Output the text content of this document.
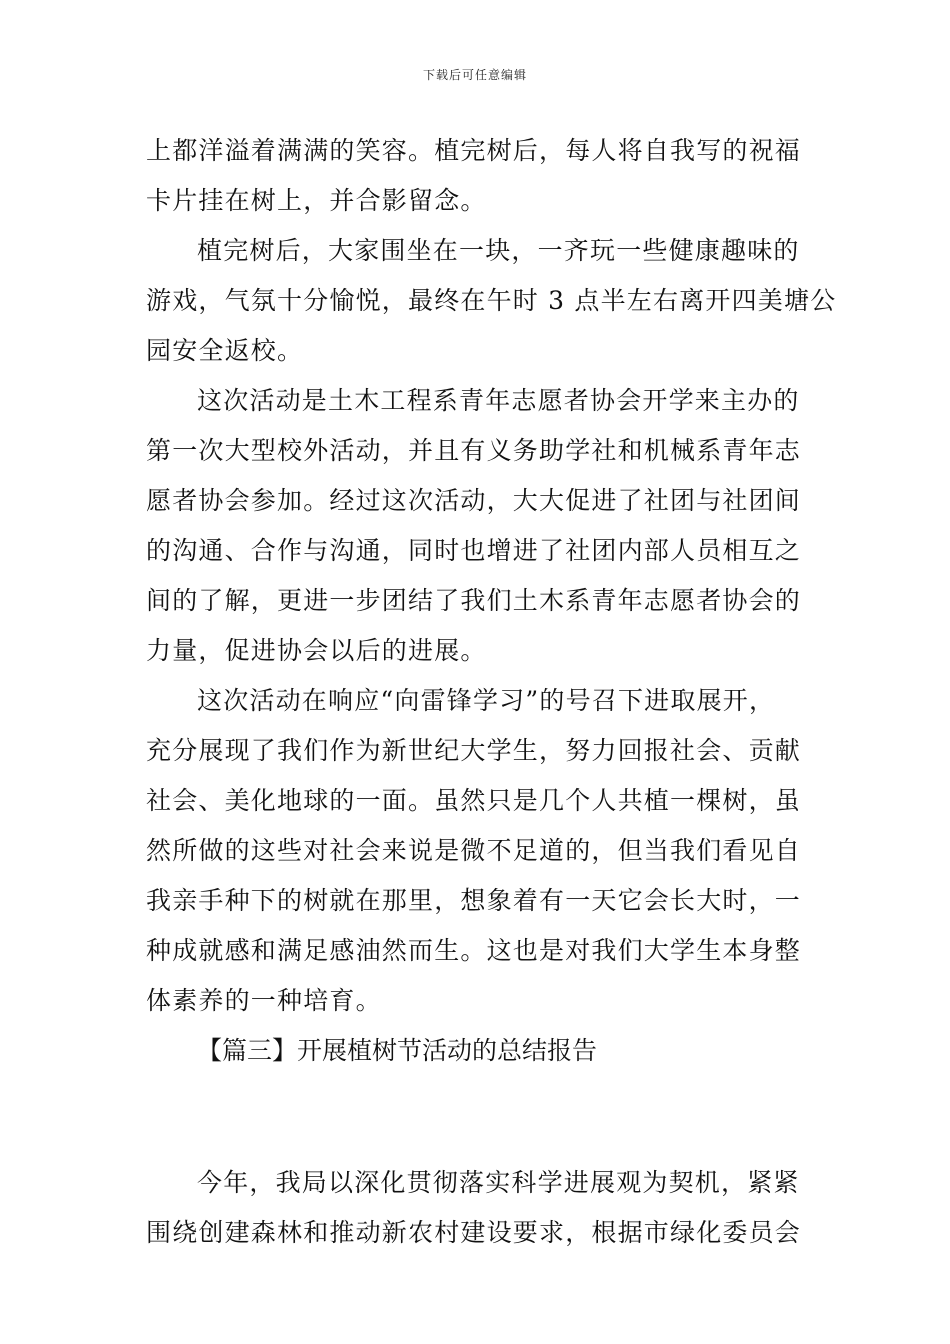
下载后可任意编辑
上都洋溢着满满的笑容。植完树后，每人将自我写的祝福
卡片挂在树上，并合影留念。
植完树后，大家围坐在一块，一齐玩一些健康趣味的
游戏，气氛十分愉悦，最终在午时 3 点半左右离开四美塘公
园安全返校。
这次活动是土木工程系青年志愿者协会开学来主办的
第一次大型校外活动，并且有义务助学社和机械系青年志
愿者协会参加。经过这次活动，大大促进了社团与社团间
的沟通、合作与沟通，同时也增进了社团内部人员相互之
间的了解，更进一步团结了我们土木系青年志愿者协会的
力量，促进协会以后的进展。
这次活动在响应“向雷锋学习”的号召下进取展开，
充分展现了我们作为新世纪大学生，努力回报社会、贡献
社会、美化地球的一面。虽然只是几个人共植一棵树，虽
然所做的这些对社会来说是微不足道的，但当我们看见自
我亲手种下的树就在那里，想象着有一天它会长大时，一
种成就感和满足感油然而生。这也是对我们大学生本身整
体素养的一种培育。
【篇三】开展植树节活动的总结报告
今年，我局以深化贯彻落实科学进展观为契机，紧紧
围绕创建森林和推动新农村建设要求，根据市绿化委员会
